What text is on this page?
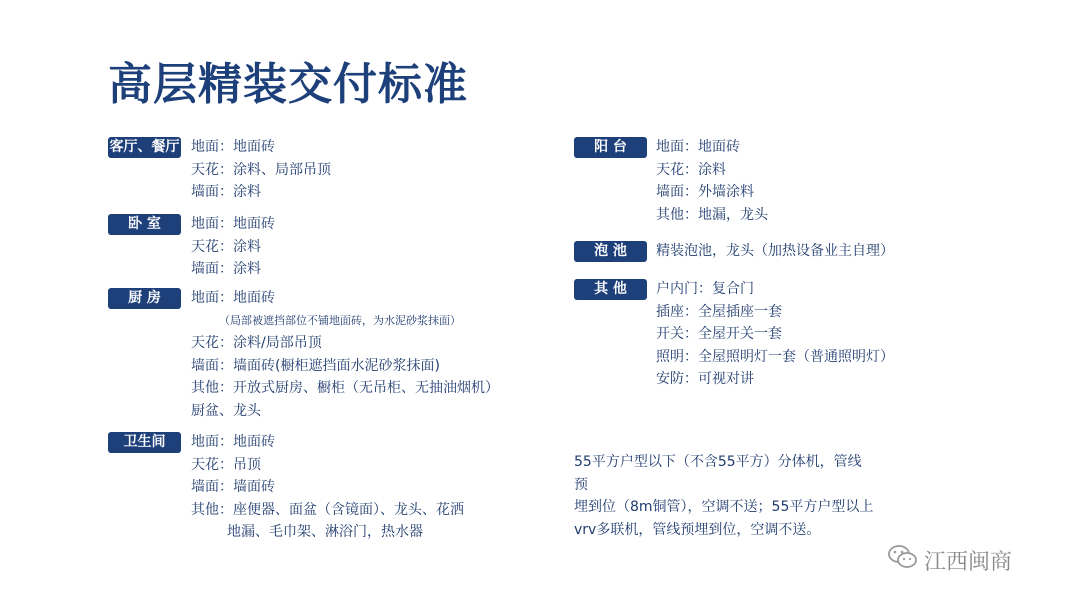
高层精装交付标准
客厅、餐厅 地面：地面砖
天花：涂料、局部吊顶
墙面：涂料
卧 室	地面：地面砖
天花：涂料
墙面：涂料
厨 房	地面：地面砖
（局部被遮挡部位不铺地面砖，为水泥砂浆抹面）
天花：涂料/局部吊顶
墙面：墙面砖(橱柜遮挡面水泥砂浆抹面)
其他：开放式厨房、橱柜（无吊柜、无抽油烟机）
厨盆、龙头
卫生间	地面：地面砖
天花：吊顶
墙面：墙面砖
其他：座便器、面盆（含镜面）、龙头、花洒
地漏、毛巾架、淋浴门，热水器
阳 台	地面：地面砖
天花：涂料
墙面：外墙涂料
其他：地漏，龙头
泡 池	精装泡池，龙头（加热设备业主自理）
其 他	户内门：复合门
插座：全屋插座一套
开关：全屋开关一套
照明：全屋照明灯一套（普通照明灯）
安防：可视对讲
55平方户型以下（不含55平方）分体机，管线预
埋到位（8m铜管），空调不送；55平方户型以上
vrv多联机，管线预埋到位，空调不送。
江西闽商
